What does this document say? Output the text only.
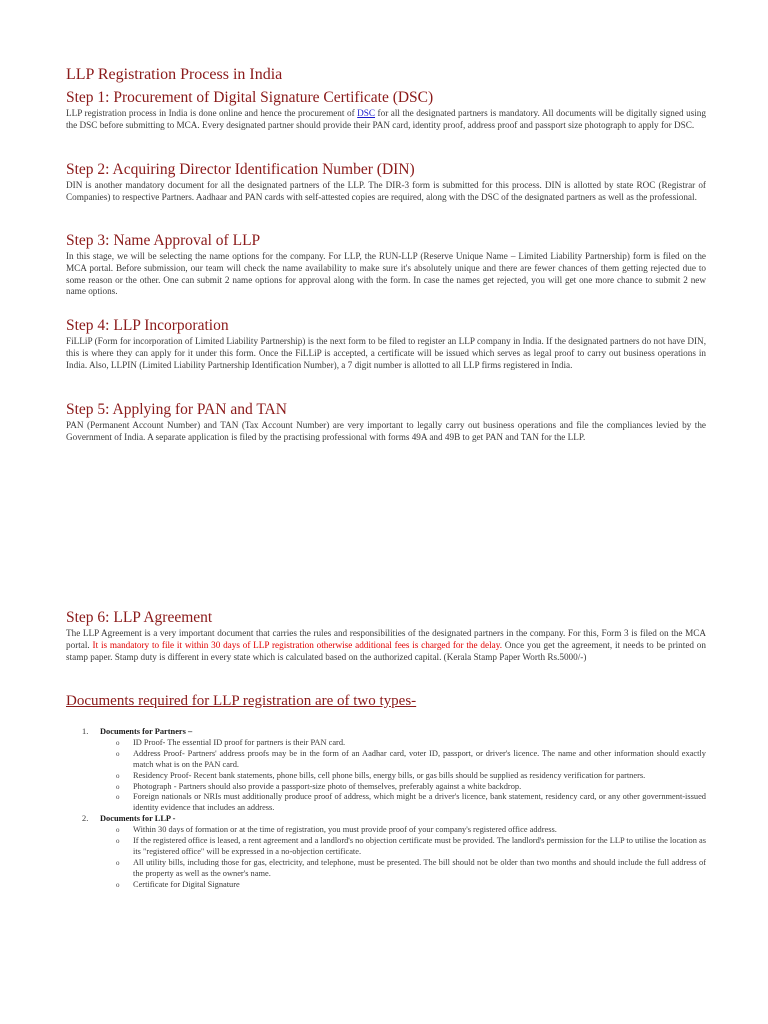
LLP Registration Process in India
Step 1: Procurement of Digital Signature Certificate (DSC)

LLP registration process in India is done online and hence the procurement of DSC for all the designated partners is mandatory. All documents will be digitally signed using the DSC before submitting to MCA. Every designated partner should provide their PAN card, identity proof, address proof and passport size photograph to apply for DSC.

Step 2: Acquiring Director Identification Number (DIN)

DIN is another mandatory document for all the designated partners of the LLP. The DIR-3 form is submitted for this process. DIN is allotted by state ROC (Registrar of Companies) to respective Partners. Aadhaar and PAN cards with self-attested copies are required, along with the DSC of the designated partners as well as the professional.

Step 3: Name Approval of LLP

In this stage, we will be selecting the name options for the company. For LLP, the RUN-LLP (Reserve Unique Name – Limited Liability Partnership) form is filed on the MCA portal. Before submission, our team will check the name availability to make sure it's absolutely unique and there are fewer chances of them getting rejected due to some reason or the other. One can submit 2 name options for approval along with the form. In case the names get rejected, you will get one more chance to submit 2 new name options.

Step 4: LLP Incorporation

FiLLiP (Form for incorporation of Limited Liability Partnership) is the next form to be filed to register an LLP company in India. If the designated partners do not have DIN, this is where they can apply for it under this form. Once the FiLLiP is accepted, a certificate will be issued which serves as legal proof to carry out business operations in India. Also, LLPIN (Limited Liability Partnership Identification Number), a 7 digit number is allotted to all LLP firms registered in India.

Step 5: Applying for PAN and TAN

PAN (Permanent Account Number) and TAN (Tax Account Number) are very important to legally carry out business operations and file the compliances levied by the Government of India. A separate application is filed by the practising professional with forms 49A and 49B to get PAN and TAN for the LLP.

Step 6: LLP Agreement

The LLP Agreement is a very important document that carries the rules and responsibilities of the designated partners in the company. For this, Form 3 is filed on the MCA portal. It is mandatory to file it within 30 days of LLP registration otherwise additional fees is charged for the delay. Once you get the agreement, it needs to be printed on stamp paper. Stamp duty is different in every state which is calculated based on the authorized capital. (Kerala Stamp Paper Worth Rs.5000/-)

Documents required for LLP registration are of two types-
1. Documents for Partners –
o ID Proof- The essential ID proof for partners is their PAN card.
o Address Proof- Partners' address proofs may be in the form of an Aadhar card, voter ID, passport, or driver's licence. The name and other information should exactly match what is on the PAN card.
o Residency Proof- Recent bank statements, phone bills, cell phone bills, energy bills, or gas bills should be supplied as residency verification for partners.
o Photograph - Partners should also provide a passport-size photo of themselves, preferably against a white backdrop.
o Foreign nationals or NRIs must additionally produce proof of address, which might be a driver's licence, bank statement, residency card, or any other government-issued identity evidence that includes an address.
2. Documents for LLP -
o Within 30 days of formation or at the time of registration, you must provide proof of your company's registered office address.
o If the registered office is leased, a rent agreement and a landlord's no objection certificate must be provided. The landlord's permission for the LLP to utilise the location as its "registered office" will be expressed in a no-objection certificate.
o All utility bills, including those for gas, electricity, and telephone, must be presented. The bill should not be older than two months and should include the full address of the property as well as the owner's name.
o Certificate for Digital Signature
